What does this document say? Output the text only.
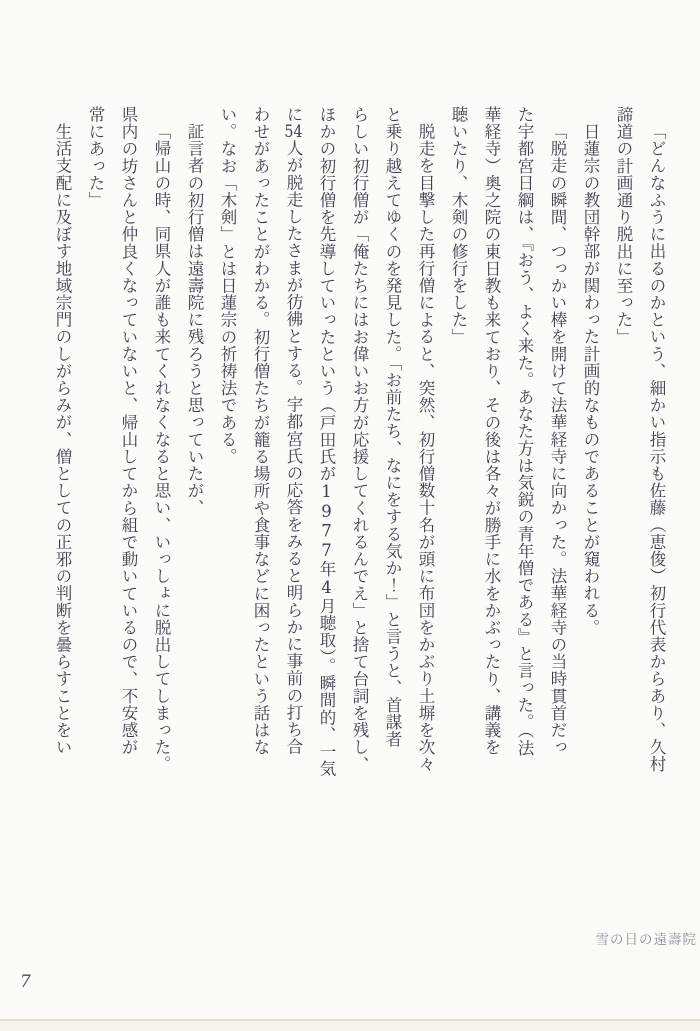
「どんなふうに出るのかという、細かい指示も佐藤（恵俊）初行代表からあり、久村
諦道の計画通り脱出に至った」
日蓮宗の教団幹部が関わった計画的なものであることが窺われる。
「脱走の瞬間、つっかい棒を開けて法華経寺に向かった。法華経寺の当時貫首だっ
た宇都宮日綱は、『おう、よく来た。あなた方は気鋭の青年僧である』と言った。（法
華経寺）奥之院の東日教も来ており、その後は各々が勝手に水をかぶったり、講義を
聴いたり、木剣の修行をした」
脱走を目撃した再行僧によると、突然、初行僧数十名が頭に布団をかぶり土塀を次々
と乗り越えてゆくのを発見した。「お前たち、なにをする気か！」と言うと、首謀者
らしい初行僧が「俺たちにはお偉いお方が応援してくれるんでえ」と捨て台詞を残し、
ほかの初行僧を先導していったという（戸田氏が1977年4月聴取）。瞬間的、一気
に54人が脱走したさまが彷彿とする。宇都宮氏の応答をみると明らかに事前の打ち合
わせがあったことがわかる。初行僧たちが籠る場所や食事などに困ったという話はな
い。なお「木剣」とは日蓮宗の祈祷法である。
証言者の初行僧は遠壽院に残ろうと思っていたが、
「帰山の時、同県人が誰も来てくれなくなると思い、いっしょに脱出してしまった。
県内の坊さんと仲良くなっていないと、帰山してから組で動いているので、不安感が
常にあった」
生活支配に及ぼす地域宗門のしがらみが、僧としての正邪の判断を曇らすことをい
雪の日の遠壽院
7
